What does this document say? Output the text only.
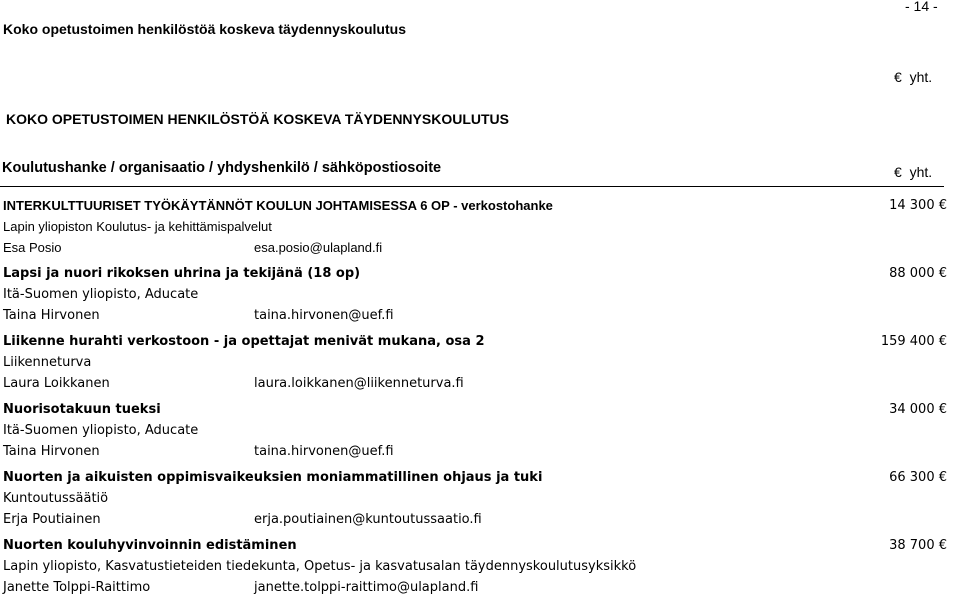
- 14 -
Koko opetustoimen henkilöstöä koskeva täydennyskoulutus
€ yht.
KOKO OPETUSTOIMEN HENKILÖSTÖÄ KOSKEVA TÄYDENNYSKOULUTUS
Koulutushanke / organisaatio / yhdyshenkilö / sähköpostiosoite	€ yht.
INTERKULTTUURISET TYÖKÄYTÄNNÖT KOULUN JOHTAMISESSA 6 OP - verkostohanke	14 300 €
Lapin yliopiston Koulutus- ja kehittämispalvelut
Esa Posio	esa.posio@ulapland.fi
Lapsi ja nuori rikoksen uhrina ja tekijänä (18 op)	88 000 €
Itä-Suomen yliopisto, Aducate
Taina Hirvonen	taina.hirvonen@uef.fi
Liikenne hurahti verkostoon - ja opettajat menivät mukana, osa 2	159 400 €
Liikenneturva
Laura Loikkanen	laura.loikkanen@liikenneturva.fi
Nuorisotakuun tueksi	34 000 €
Itä-Suomen yliopisto, Aducate
Taina Hirvonen	taina.hirvonen@uef.fi
Nuorten ja aikuisten oppimisvaikeuksien moniammatillinen ohjaus ja tuki	66 300 €
Kuntoutussäätiö
Erja Poutiainen	erja.poutiainen@kuntoutussaatio.fi
Nuorten kouluhyvinvoinnin edistäminen	38 700 €
Lapin yliopisto, Kasvatustieteiden tiedekunta, Opetus- ja kasvatusalan täydennyskoulutusyksikkö
Janette Tolppi-Raittimo	janette.tolppi-raittimo@ulapland.fi
